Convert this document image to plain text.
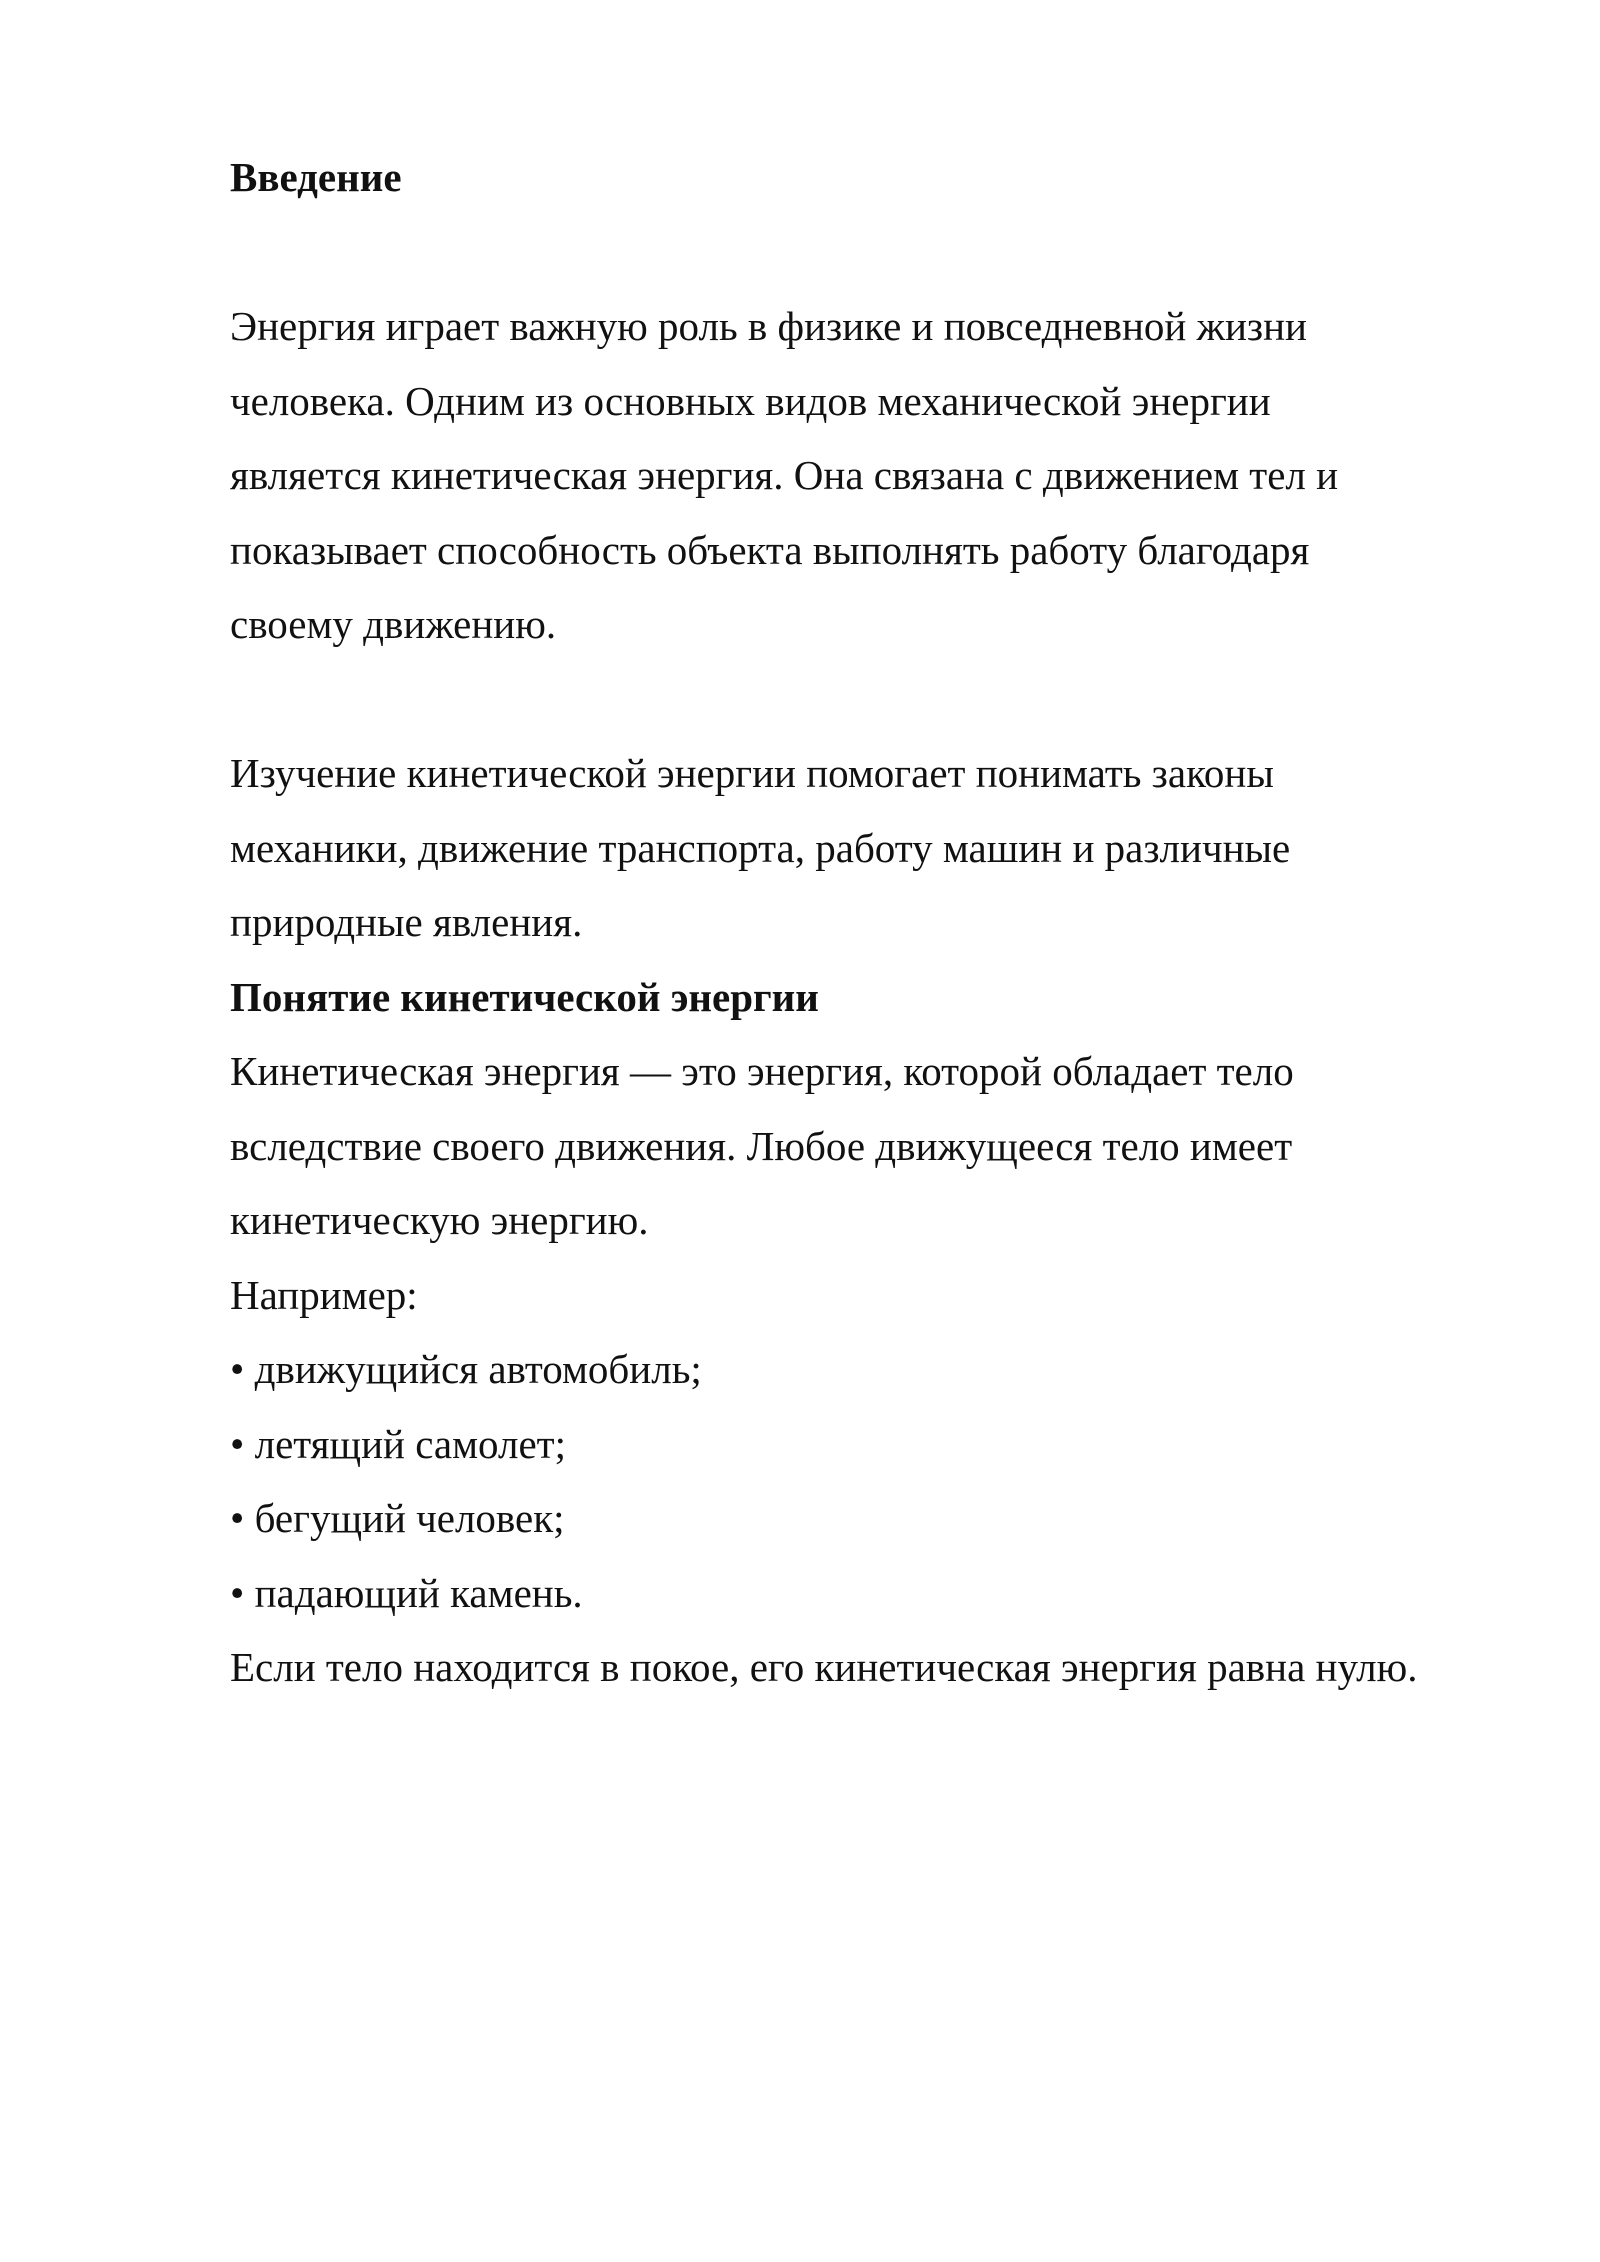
Введение
Энергия играет важную роль в физике и повседневной жизни
человека. Одним из основных видов механической энергии
является кинетическая энергия. Она связана с движением тел и
показывает способность объекта выполнять работу благодаря
своему движению.
Изучение кинетической энергии помогает понимать законы
механики, движение транспорта, работу машин и различные
природные явления.
Понятие кинетической энергии
Кинетическая энергия — это энергия, которой обладает тело
вследствие своего движения. Любое движущееся тело имеет
кинетическую энергию.
Например:
• движущийся автомобиль;
• летящий самолет;
• бегущий человек;
• падающий камень.
Если тело находится в покое, его кинетическая энергия равна нулю.
